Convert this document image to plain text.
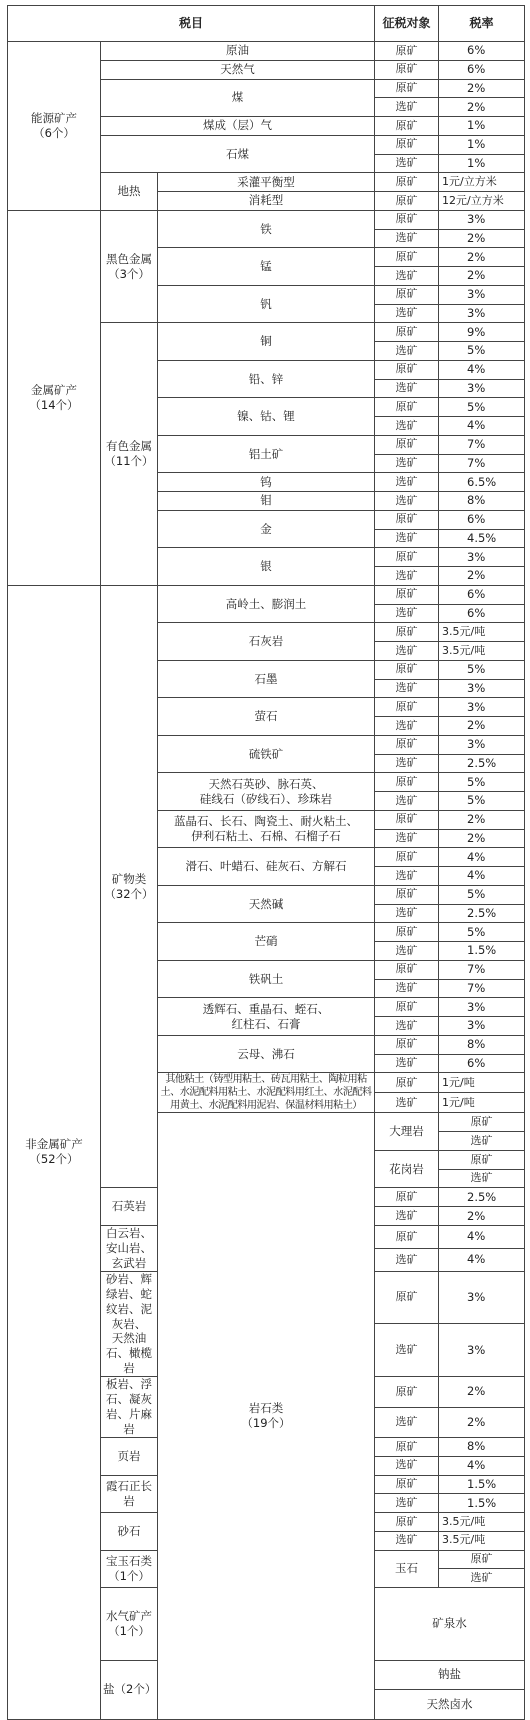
税目			征税对象	税率	
能源矿产
（6个）	原油		原矿	6%	
	天然气		原矿	6%	
	煤		原矿	2%	
			选矿	2%	
	煤成（层）气		原矿	1%	
	石煤		原矿	1%	
			选矿	1%	
	地热	采灌平衡型	原矿	1元/立方米	
		消耗型	原矿	12元/立方米	
金属矿产
（14个）	黑色金属
（3个）	铁	原矿	3%	
			选矿	2%	
		锰	原矿	2%	
			选矿	2%	
		钒	原矿	3%	
			选矿	3%	
	有色金属
（11个）	铜	原矿	9%	
			选矿	5%	
		铅、锌	原矿	4%	
			选矿	3%	
		镍、钴、锂	原矿	5%	
			选矿	4%	
		铝土矿	原矿	7%	
			选矿	7%	
		钨	选矿	6.5%	
		钼	选矿	8%	
		金	原矿	6%	
			选矿	4.5%	
		银	原矿	3%	
			选矿	2%	
非金属矿产
（52个）	矿物类
（32个）	高岭土、膨润土	原矿	6%	
			选矿	6%	
		石灰岩	原矿	3.5元/吨	
			选矿	3.5元/吨	
		石墨	原矿	5%	
			选矿	3%	
		萤石	原矿	3%	
			选矿	2%	
		硫铁矿	原矿	3%	
			选矿	2.5%	
		天然石英砂、脉石英、
硅线石（矽线石）、珍珠岩	原矿	5%	
			选矿	5%	
		蓝晶石、长石、陶瓷土、耐火粘土、
伊利石粘土、石棉、石榴子石	原矿	2%	
			选矿	2%	
		滑石、叶蜡石、硅灰石、方解石	原矿	4%	
			选矿	4%	
		天然碱	原矿	5%	
			选矿	2.5%	
		芒硝	原矿	5%	
			选矿	1.5%	
		铁矾土	原矿	7%	
			选矿	7%	
		透辉石、重晶石、蛭石、
红柱石、石膏	原矿	3%	
			选矿	3%	
		云母、沸石	原矿	8%	
			选矿	6%	
		其他粘土（铸型用粘土、砖瓦用粘土、陶粒用粘土、水泥配料用粘土、水泥配料用红土、水泥配料用黄土、水泥配料用泥岩、保温材料用粘土）	原矿	1元/吨	
			选矿	1元/吨	
		岩石类
（19个）	大理岩	原矿	
				选矿	
			花岗岩	原矿	
				选矿	
	石英岩		原矿	2.5%	
			选矿	2%	
	白云岩、安山岩、玄武岩		原矿	4%	
			选矿	4%	
	砂岩、辉绿岩、蛇纹岩、泥灰岩、
天然油石、橄榄岩		原矿	3%	
			选矿	3%	
	板岩、浮石、凝灰岩、片麻岩		原矿	2%	
			选矿	2%	
	页岩		原矿	8%	
			选矿	4%	
	霞石正长岩		原矿	1.5%	
			选矿	1.5%	
	砂石		原矿	3.5元/吨	
			选矿	3.5元/吨	
	宝玉石类
（1个）		玉石	原矿	
				选矿	
	水气矿产（1个）		矿泉水		
	盐（2个）		钠盐		
			天然卤水		
